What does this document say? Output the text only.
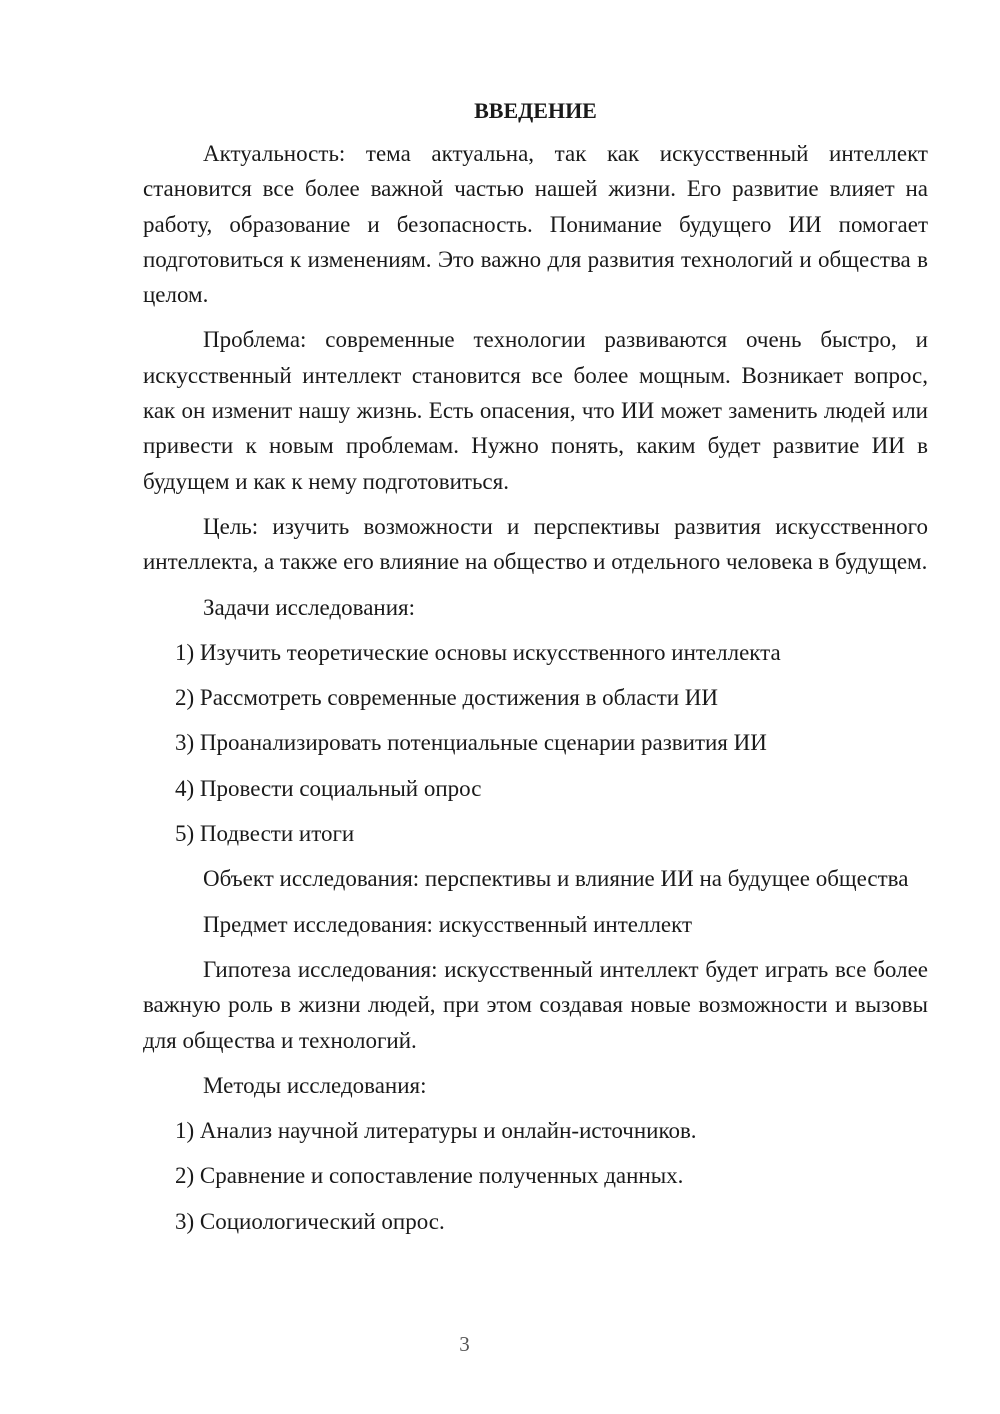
ВВЕДЕНИЕ

Актуальность: тема актуальна, так как искусственный интеллект становится все более важной частью нашей жизни. Его развитие влияет на работу, образование и безопасность. Понимание будущего ИИ помогает подготовиться к изменениям. Это важно для развития технологий и общества в целом.

Проблема: современные технологии развиваются очень быстро, и искусственный интеллект становится все более мощным. Возникает вопрос, как он изменит нашу жизнь. Есть опасения, что ИИ может заменить людей или привести к новым проблемам. Нужно понять, каким будет развитие ИИ в будущем и как к нему подготовиться.

Цель: изучить возможности и перспективы развития искусственного интеллекта, а также его влияние на общество и отдельного человека в будущем.

Задачи исследования:

1) Изучить теоретические основы искусственного интеллекта

2) Рассмотреть современные достижения в области ИИ

3) Проанализировать потенциальные сценарии развития ИИ

4) Провести социальный опрос

5) Подвести итоги

Объект исследования: перспективы и влияние ИИ на будущее общества

Предмет исследования: искусственный интеллект

Гипотеза исследования: искусственный интеллект будет играть все более важную роль в жизни людей, при этом создавая новые возможности и вызовы для общества и технологий.

Методы исследования:

1) Анализ научной литературы и онлайн-источников.

2) Сравнение и сопоставление полученных данных.

3) Социологический опрос.

3
